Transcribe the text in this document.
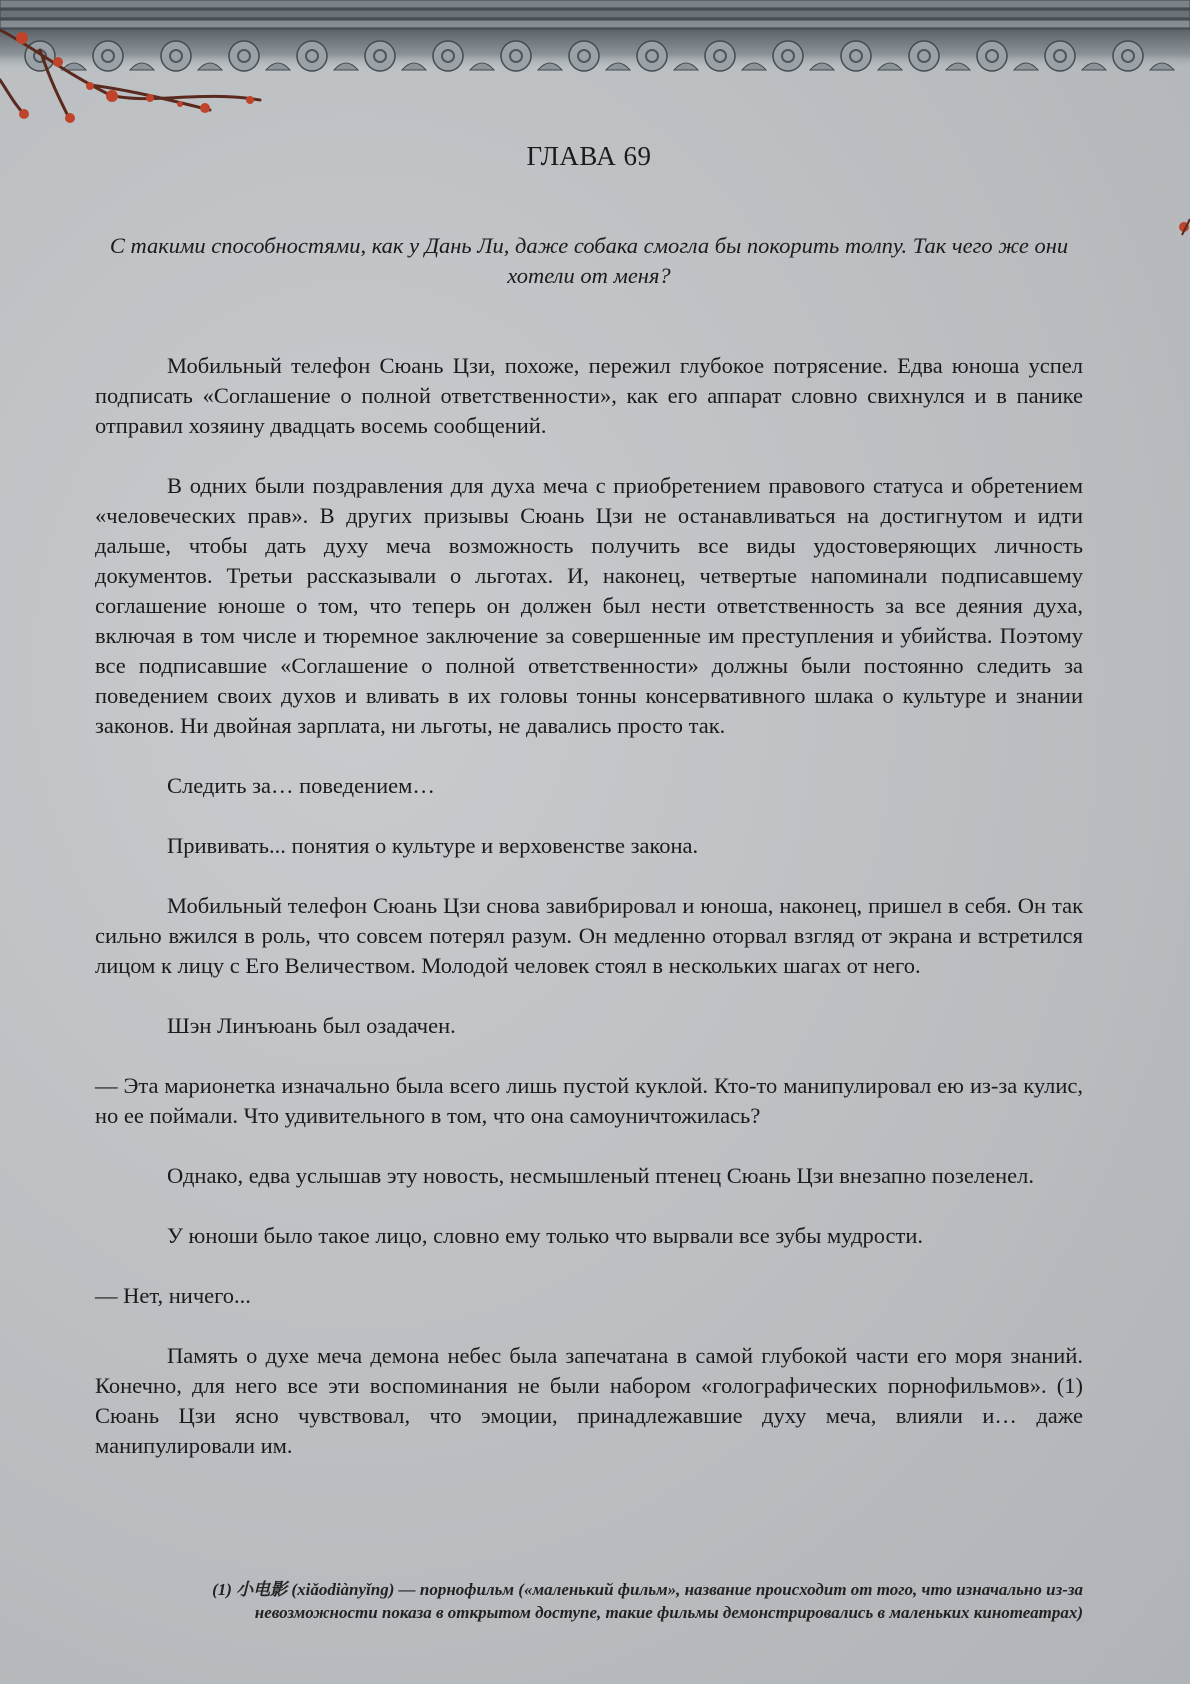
ГЛАВА 69

С такими способностями, как у Дань Ли, даже собака смогла бы покорить толпу. Так чего же они хотели от меня?

Мобильный телефон Сюань Цзи, похоже, пережил глубокое потрясение. Едва юноша успел подписать «Соглашение о полной ответственности», как его аппарат словно свихнулся и в панике отправил хозяину двадцать восемь сообщений.

В одних были поздравления для духа меча с приобретением правового статуса и обретением «человеческих прав». В других призывы Сюань Цзи не останавливаться на достигнутом и идти дальше, чтобы дать духу меча возможность получить все виды удостоверяющих личность документов. Третьи рассказывали о льготах. И, наконец, четвертые напоминали подписавшему соглашение юноше о том, что теперь он должен был нести ответственность за все деяния духа, включая в том числе и тюремное заключение за совершенные им преступления и убийства. Поэтому все подписавшие «Соглашение о полной ответственности» должны были постоянно следить за поведением своих духов и вливать в их головы тонны консервативного шлака о культуре и знании законов. Ни двойная зарплата, ни льготы, не давались просто так.

Следить за… поведением…

Прививать... понятия о культуре и верховенстве закона.

Мобильный телефон Сюань Цзи снова завибрировал и юноша, наконец, пришел в себя. Он так сильно вжился в роль, что совсем потерял разум. Он медленно оторвал взгляд от экрана и встретился лицом к лицу с Его Величеством. Молодой человек стоял в нескольких шагах от него.

Шэн Линъюань был озадачен.

— Эта марионетка изначально была всего лишь пустой куклой. Кто-то манипулировал ею из-за кулис, но ее поймали. Что удивительного в том, что она самоуничтожилась?

Однако, едва услышав эту новость, несмышленый птенец Сюань Цзи внезапно позеленел.

У юноши было такое лицо, словно ему только что вырвали все зубы мудрости.

— Нет, ничего...

Память о духе меча демона небес была запечатана в самой глубокой части его моря знаний. Конечно, для него все эти воспоминания не были набором «голографических порнофильмов». (1) Сюань Цзи ясно чувствовал, что эмоции, принадлежавшие духу меча, влияли и… даже манипулировали им.

(1) 小电影 (xiǎodiànyǐng) — порнофильм («маленький фильм», название происходит от того, что изначально из-за невозможности показа в открытом доступе, такие фильмы демонстрировались в маленьких кинотеатрах)
